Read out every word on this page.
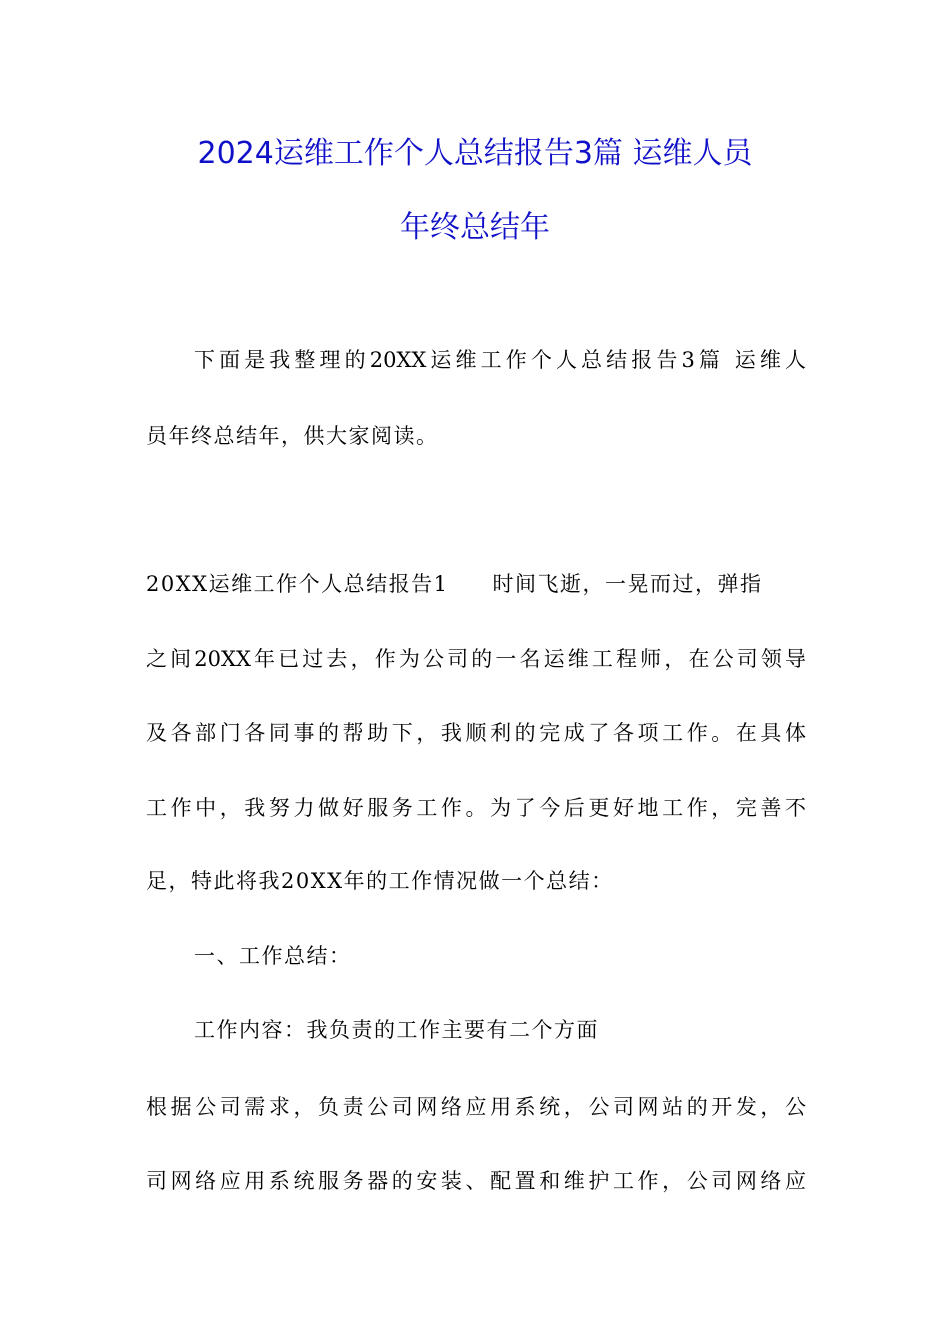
2024运维工作个人总结报告3篇 运维人员
年终总结年
下面是我整理的20XX运维工作个人总结报告3篇 运维人
员年终总结年，供大家阅读。
20XX运维工作个人总结报告1 时间飞逝，一晃而过，弹指
之间20XX年已过去，作为公司的一名运维工程师，在公司领导
及各部门各同事的帮助下，我顺利的完成了各项工作。在具体
工作中，我努力做好服务工作。为了今后更好地工作，完善不
足，特此将我20XX年的工作情况做一个总结：
一、工作总结：
工作内容：我负责的工作主要有二个方面
根据公司需求，负责公司网络应用系统，公司网站的开发，公
司网络应用系统服务器的安装、配置和维护工作，公司网络应
